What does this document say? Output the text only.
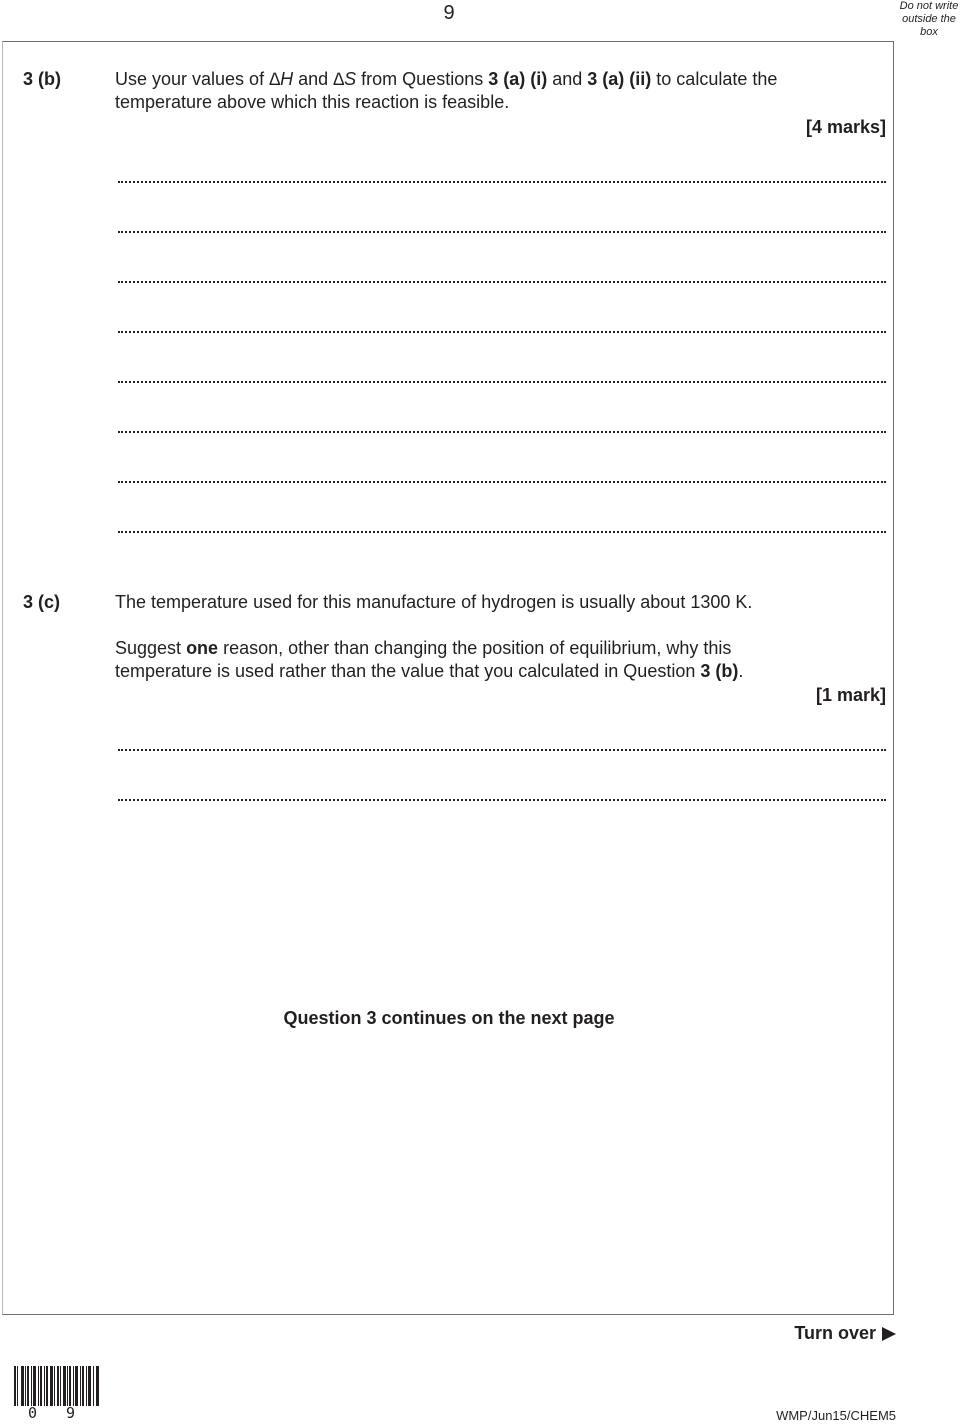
9	Do not write
outside the
box
3 (b)	Use your values of ∆H and ∆S from Questions 3 (a) (i) and 3 (a) (ii) to calculate the
temperature above which this reaction is feasible.
[4 marks]
3 (c)	The temperature used for this manufacture of hydrogen is usually about 1300 K.
Suggest one reason, other than changing the position of equilibrium, why this
temperature is used rather than the value that you calculated in Question 3 (b).
[1 mark]
Question 3 continues on the next page
Turn over
0 9	WMP/Jun15/CHEM5
